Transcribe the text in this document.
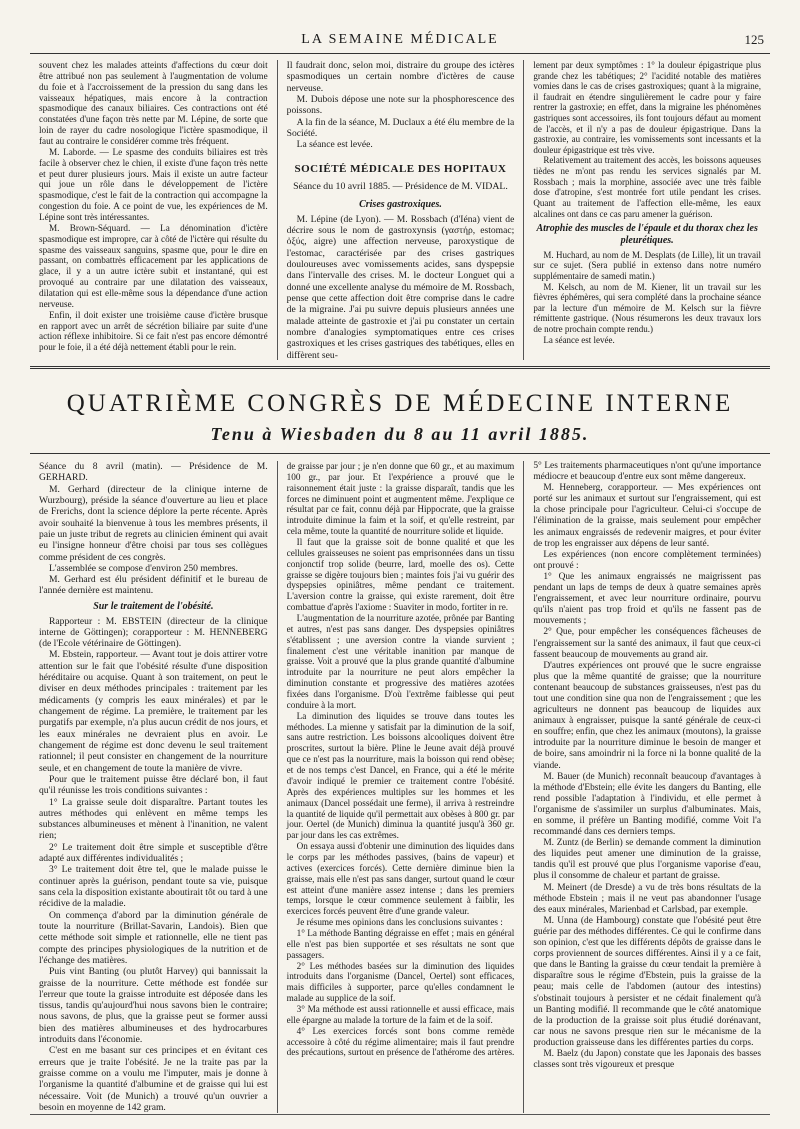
LA SEMAINE MÉDICALE	125

souvent chez les malades atteints d'affections du cœur doit être attribué non pas seulement à l'augmentation de volume du foie et à l'accroissement de la pression du sang dans les vaisseaux hépatiques, mais encore à la contraction spasmodique des canaux biliaires. Ces contractions ont été constatées d'une façon très nette par M. Lépine, de sorte que loin de rayer du cadre nosologique l'ictère spasmodique, il faut au contraire le considérer comme très fréquent.

M. Laborde. — Le spasme des conduits biliaires est très facile à observer chez le chien, il existe d'une façon très nette et peut durer plusieurs jours. Mais il existe un autre facteur qui joue un rôle dans le développement de l'ictère spasmodique, c'est le fait de la contraction qui accompagne la congestion du foie. A ce point de vue, les expériences de M. Lépine sont très intéressantes.

M. Brown-Séquard. — La dénomination d'ictère spasmodique est impropre, car à côté de l'ictère qui résulte du spasme des vaisseaux sanguins, spasme que, pour le dire en passant, on combattrès efficacement par les applications de glace, il y a un autre ictère subit et instantané, qui est provoqué au contraire par une dilatation des vaisseaux, dilatation qui est elle-même sous la dépendance d'une action nerveuse.

Enfin, il doit exister une troisième cause d'ictère brusque en rapport avec un arrêt de sécrétion biliaire par suite d'une action réflexe inhibitoire. Si ce fait n'est pas encore démontré pour le foie, il a été déjà nettement établi pour le rein.

Il faudrait donc, selon moi, distraire du groupe des ictères spasmodiques un certain nombre d'ictères de cause nerveuse.

M. Dubois dépose une note sur la phosphorescence des poissons.

A la fin de la séance, M. Duclaux a été élu membre de la Société.

La séance est levée.

SOCIÉTÉ MÉDICALE DES HOPITAUX
Séance du 10 avril 1885. — Présidence de M. VIDAL.
Crises gastroxiques.

M. Lépine (de Lyon). — M. Rossbach (d'Iéna) vient de décrire sous le nom de gastroxynsis (γαστήρ, estomac; ὀξύς, aigre) une affection nerveuse, paroxystique de l'estomac, caractérisée par des crises gastriques douloureuses avec vomissements acides, sans dyspepsie dans l'intervalle des crises. M. le docteur Longuet qui a donné une excellente analyse du mémoire de M. Rossbach, pense que cette affection doit être comprise dans le cadre de la migraine. J'ai pu suivre depuis plusieurs années une malade atteinte de gastroxie et j'ai pu constater un certain nombre d'analogies symptomatiques entre ces crises gastroxiques et les crises gastriques des tabétiques, elles en diffèrent seu-

lement par deux symptômes : 1° la douleur épigastrique plus grande chez les tabétiques; 2° l'acidité notable des matières vomies dans le cas de crises gastroxiques; quant à la migraine, il faudrait en étendre singulièrement le cadre pour y faire rentrer la gastroxie; en effet, dans la migraine les phénomènes gastriques sont accessoires, ils font toujours défaut au moment de l'accès, et il n'y a pas de douleur épigastrique. Dans la gastroxie, au contraire, les vomissements sont incessants et la douleur épigastrique est très vive.

Relativement au traitement des accès, les boissons aqueuses tièdes ne m'ont pas rendu les services signalés par M. Rossbach ; mais la morphine, associée avec une très faible dose d'atropine, s'est montrée fort utile pendant les crises. Quant au traitement de l'affection elle-même, les eaux alcalines ont dans ce cas paru amener la guérison.

Atrophie des muscles de l'épaule et du thorax chez les pleurétiques.

M. Huchard, au nom de M. Desplats (de Lille), lit un travail sur ce sujet. (Sera publié in extenso dans notre numéro supplémentaire de samedi matin.)

M. Kelsch, au nom de M. Kiener, lit un travail sur les fièvres éphémères, qui sera complété dans la prochaine séance par la lecture d'un mémoire de M. Kelsch sur la fièvre rémittente gastrique. (Nous résumerons les deux travaux lors de notre prochain compte rendu.)

La séance est levée.

QUATRIÈME CONGRÈS DE MÉDECINE INTERNE
Tenu à Wiesbaden du 8 au 11 avril 1885.

Séance du 8 avril (matin). — Présidence de M. GERHARD.

M. Gerhard (directeur de la clinique interne de Wurzbourg), préside la séance d'ouverture au lieu et place de Frerichs, dont la science déplore la perte récente. Après avoir souhaité la bienvenue à tous les membres présents, il paie un juste tribut de regrets au clinicien éminent qui avait eu l'insigne honneur d'être choisi par tous ses collègues comme président de ces congrès.

L'assemblée se compose d'environ 250 membres.

M. Gerhard est élu président définitif et le bureau de l'année dernière est maintenu.

Sur le traitement de l'obésité.

Rapporteur : M. EBSTEIN (directeur de la clinique interne de Göttingen); corapporteur : M. HENNEBERG (de l'Ecole vétérinaire de Göttingen).

M. Ebstein, rapporteur. — Avant tout je dois attirer votre attention sur le fait que l'obésité résulte d'une disposition héréditaire ou acquise. Quant à son traitement, on peut le diviser en deux méthodes principales : traitement par les médicaments (y compris les eaux minérales) et par le changement de régime. La première, le traitement par les purgatifs par exemple, n'a plus aucun crédit de nos jours, et les eaux minérales ne devraient plus en avoir. Le changement de régime est donc devenu le seul traitement rationnel; il peut consister en changement de la nourriture seule, et en changement de toute la manière de vivre.

Pour que le traitement puisse être déclaré bon, il faut qu'il réunisse les trois conditions suivantes :

1° La graisse seule doit disparaître. Partant toutes les autres méthodes qui enlèvent en même temps les substances albumineuses et mènent à l'inanition, ne valent rien;

2° Le traitement doit être simple et susceptible d'être adapté aux différentes individualités ;

3° Le traitement doit être tel, que le malade puisse le continuer après la guérison, pendant toute sa vie, puisque sans cela la disposition existante aboutirait tôt ou tard à une récidive de la maladie.

On commença d'abord par la diminution générale de toute la nourriture (Brillat-Savarin, Landois). Bien que cette méthode soit simple et rationnelle, elle ne tient pas compte des principes physiologiques de la nutrition et de l'échange des matières.

Puis vint Banting (ou plutôt Harvey) qui bannissait la graisse de la nourriture. Cette méthode est fondée sur l'erreur que toute la graisse introduite est déposée dans les tissus, tandis qu'aujourd'hui nous savons bien le contraire; nous savons, de plus, que la graisse peut se former aussi bien des matières albumineuses et des hydrocarbures introduits dans l'économie.

C'est en me basant sur ces principes et en évitant ces erreurs que je traite l'obésité. Je ne la traite pas par la graisse comme on a voulu me l'imputer, mais je donne à l'organisme la quantité d'albumine et de graisse qui lui est nécessaire. Voit (de Munich) a trouvé qu'un ouvrier a besoin en moyenne de 142 gram.

de graisse par jour ; je n'en donne que 60 gr., et au maximum 100 gr., par jour. Et l'expérience a prouvé que le raisonnement était juste : la graisse disparaît, tandis que les forces ne diminuent point et augmentent même. J'explique ce résultat par ce fait, connu déjà par Hippocrate, que la graisse introduite diminue la faim et la soif, et qu'elle restreint, par cela même, toute la quantité de nourriture solide et liquide.

Il faut que la graisse soit de bonne qualité et que les cellules graisseuses ne soient pas emprisonnées dans un tissu conjonctif trop solide (beurre, lard, moelle des os). Cette graisse se digère toujours bien ; maintes fois j'ai vu guérir des dyspepsies opiniâtres, même pendant ce traitement. L'aversion contre la graisse, qui existe rarement, doit être combattue d'après l'axiome : Suaviter in modo, fortiter in re.

L'augmentation de la nourriture azotée, prônée par Banting et autres, n'est pas sans danger. Des dyspepsies opiniâtres s'établissent ; une aversion contre la viande survient ; finalement c'est une véritable inanition par manque de graisse. Voit a prouvé que la plus grande quantité d'albumine introduite par la nourriture ne peut alors empêcher la diminution constante et progressive des matières azotées fixées dans l'organisme. D'où l'extrême faiblesse qui peut conduire à la mort.

La diminution des liquides se trouve dans toutes les méthodes. La mienne y satisfait par la diminution de la soif, sans autre restriction. Les boissons alcooliques doivent être proscrites, surtout la bière. Pline le Jeune avait déjà prouvé que ce n'est pas la nourriture, mais la boisson qui rend obèse; et de nos temps c'est Dancel, en France, qui a été le mérite d'avoir indiqué le premier ce traitement contre l'obésité. Après des expériences multiples sur les hommes et les animaux (Dancel possédait une ferme), il arriva à restreindre la quantité de liquide qu'il permettait aux obèses à 800 gr. par jour. Oertel (de Munich) diminua la quantité jusqu'à 360 gr. par jour dans les cas extrêmes.

On essaya aussi d'obtenir une diminution des liquides dans le corps par les méthodes passives, (bains de vapeur) et actives (exercices forcés). Cette dernière diminue bien la graisse, mais elle n'est pas sans danger, surtout quand le cœur est atteint d'une manière assez intense ; dans les premiers temps, lorsque le cœur commence seulement à faiblir, les exercices forcés peuvent être d'une grande valeur.

Je résume mes opinions dans les conclusions suivantes :

1° La méthode Banting dégraisse en effet ; mais en général elle n'est pas bien supportée et ses résultats ne sont que passagers.

2° Les méthodes basées sur la diminution des liquides introduits dans l'organisme (Dancel, Oertel) sont efficaces, mais difficiles à supporter, parce qu'elles condamnent le malade au supplice de la soif.

3° Ma méthode est aussi rationnelle et aussi efficace, mais elle épargne au malade la torture de la faim et de la soif.

4° Les exercices forcés sont bons comme remède accessoire à côté du régime alimentaire; mais il faut prendre des précautions, surtout en présence de l'athérome des artères.

5° Les traitements pharmaceutiques n'ont qu'une importance médiocre et beaucoup d'entre eux sont même dangereux.

M. Henneberg, corapporteur. — Mes expériences ont porté sur les animaux et surtout sur l'engraissement, qui est la chose principale pour l'agriculteur. Celui-ci s'occupe de l'élimination de la graisse, mais seulement pour empêcher les animaux engraissés de redevenir maigres, et pour éviter de trop les engraisser aux dépens de leur santé.

Les expériences (non encore complètement terminées) ont prouvé :

1° Que les animaux engraissés ne maigrissent pas pendant un laps de temps de deux à quatre semaines après l'engraissement, et avec leur nourriture ordinaire, pourvu qu'ils n'aient pas trop froid et qu'ils ne fassent pas de mouvements ;

2° Que, pour empêcher les conséquences fâcheuses de l'engraissement sur la santé des animaux, il faut que ceux-ci fassent beaucoup de mouvements au grand air.

D'autres expériences ont prouvé que le sucre engraisse plus que la même quantité de graisse; que la nourriture contenant beaucoup de substances graisseuses, n'est pas du tout une condition sine qua non de l'engraissement ; que les agriculteurs ne donnent pas beaucoup de liquides aux animaux à engraisser, puisque la santé générale de ceux-ci en souffre; enfin, que chez les animaux (moutons), la graisse introduite par la nourriture diminue le besoin de manger et de boire, sans amoindrir ni la force ni la bonne qualité de la viande.

M. Bauer (de Munich) reconnaît beaucoup d'avantages à la méthode d'Ebstein; elle évite les dangers du Banting, elle rend possible l'adaptation à l'individu, et elle permet à l'organisme de s'assimiler un surplus d'albuminates. Mais, en somme, il préfère un Banting modifié, comme Voit l'a recommandé dans ces derniers temps.

M. Zuntz (de Berlin) se demande comment la diminution des liquides peut amener une diminution de la graisse, tandis qu'il est prouvé que plus l'organisme vaporise d'eau, plus il consomme de chaleur et partant de graisse.

M. Meinert (de Dresde) a vu de très bons résultats de la méthode Ebstein ; mais il ne veut pas abandonner l'usage des eaux minérales, Marienbad et Carlsbad, par exemple.

M. Unna (de Hambourg) constate que l'obésité peut être guérie par des méthodes différentes. Ce qui le confirme dans son opinion, c'est que les différents dépôts de graisse dans le corps proviennent de sources différentes. Ainsi il y a ce fait, que dans le Banting la graisse du cœur tendait la première à disparaître sous le régime d'Ebstein, puis la graisse de la peau; mais celle de l'abdomen (autour des intestins) s'obstinait toujours à persister et ne cédait finalement qu'à un Banting modifié. Il recommande que le côté anatomique de la production de la graisse soit plus étudié dorénavant, car nous ne savons presque rien sur le mécanisme de la production graisseuse dans les différentes parties du corps.

M. Baelz (du Japon) constate que les Japonais des basses classes sont très vigoureux et presque
